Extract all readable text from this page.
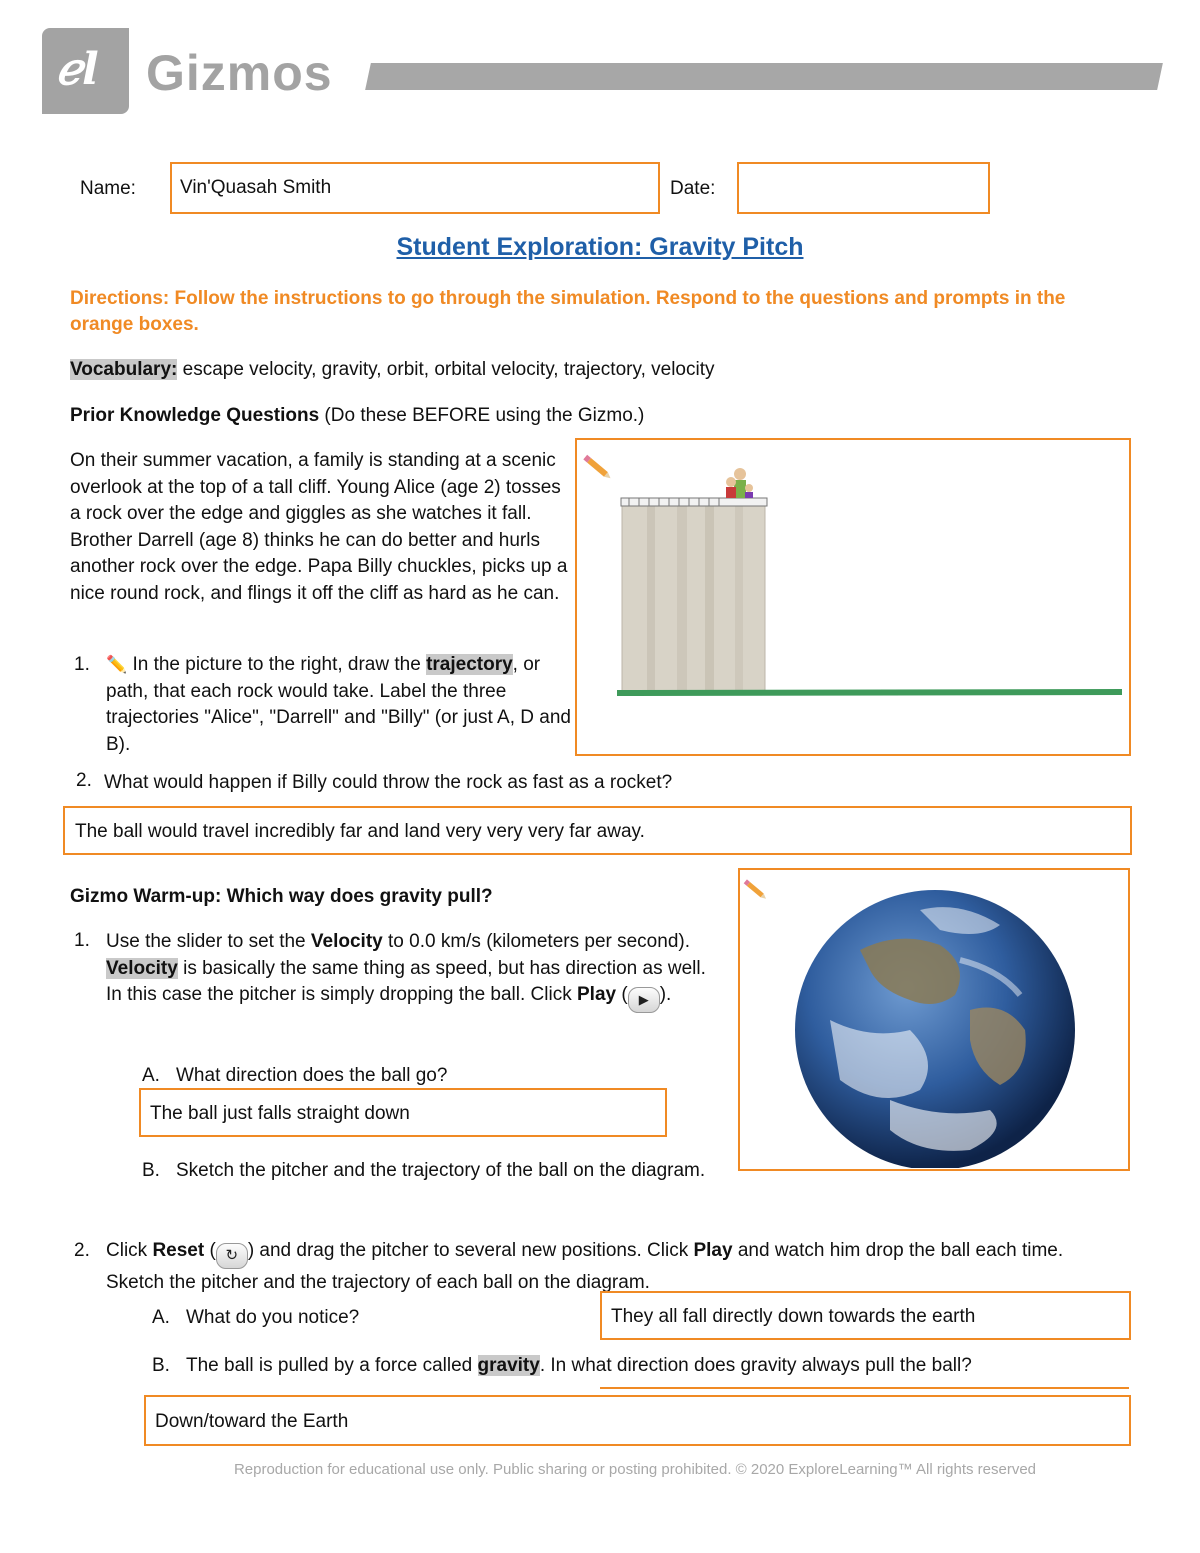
ℯl Gizmos
Name: Vin'Quasah Smith	Date:
Student Exploration: Gravity Pitch
Directions: Follow the instructions to go through the simulation. Respond to the questions and prompts in the orange boxes.
Vocabulary: escape velocity, gravity, orbit, orbital velocity, trajectory, velocity
Prior Knowledge Questions (Do these BEFORE using the Gizmo.)
On their summer vacation, a family is standing at a scenic overlook at the top of a tall cliff. Young Alice (age 2) tosses a rock over the edge and giggles as she watches it fall. Brother Darrell (age 8) thinks he can do better and hurls another rock over the edge. Papa Billy chuckles, picks up a nice round rock, and flings it off the cliff as hard as he can.
1. ✏️ In the picture to the right, draw the trajectory, or path, that each rock would take. Label the three trajectories "Alice", "Darrell" and "Billy" (or just A, D and B).
2. What would happen if Billy could throw the rock as fast as a rocket?
The ball would travel incredibly far and land very very very far away.
Gizmo Warm-up: Which way does gravity pull?
1. Use the slider to set the Velocity to 0.0 km/s (kilometers per second). Velocity is basically the same thing as speed, but has direction as well. In this case the pitcher is simply dropping the ball. Click Play ( ▶ ).
A. What direction does the ball go?
The ball just falls straight down
B. Sketch the pitcher and the trajectory of the ball on the diagram.
2. Click Reset ( ↻ ) and drag the pitcher to several new positions. Click Play and watch him drop the ball each time. Sketch the pitcher and the trajectory of each ball on the diagram.
A. What do you notice?	They all fall directly down towards the earth
B. The ball is pulled by a force called gravity. In what direction does gravity always pull the ball?
Down/toward the Earth
Reproduction for educational use only. Public sharing or posting prohibited. © 2020 ExploreLearning™ All rights reserved
